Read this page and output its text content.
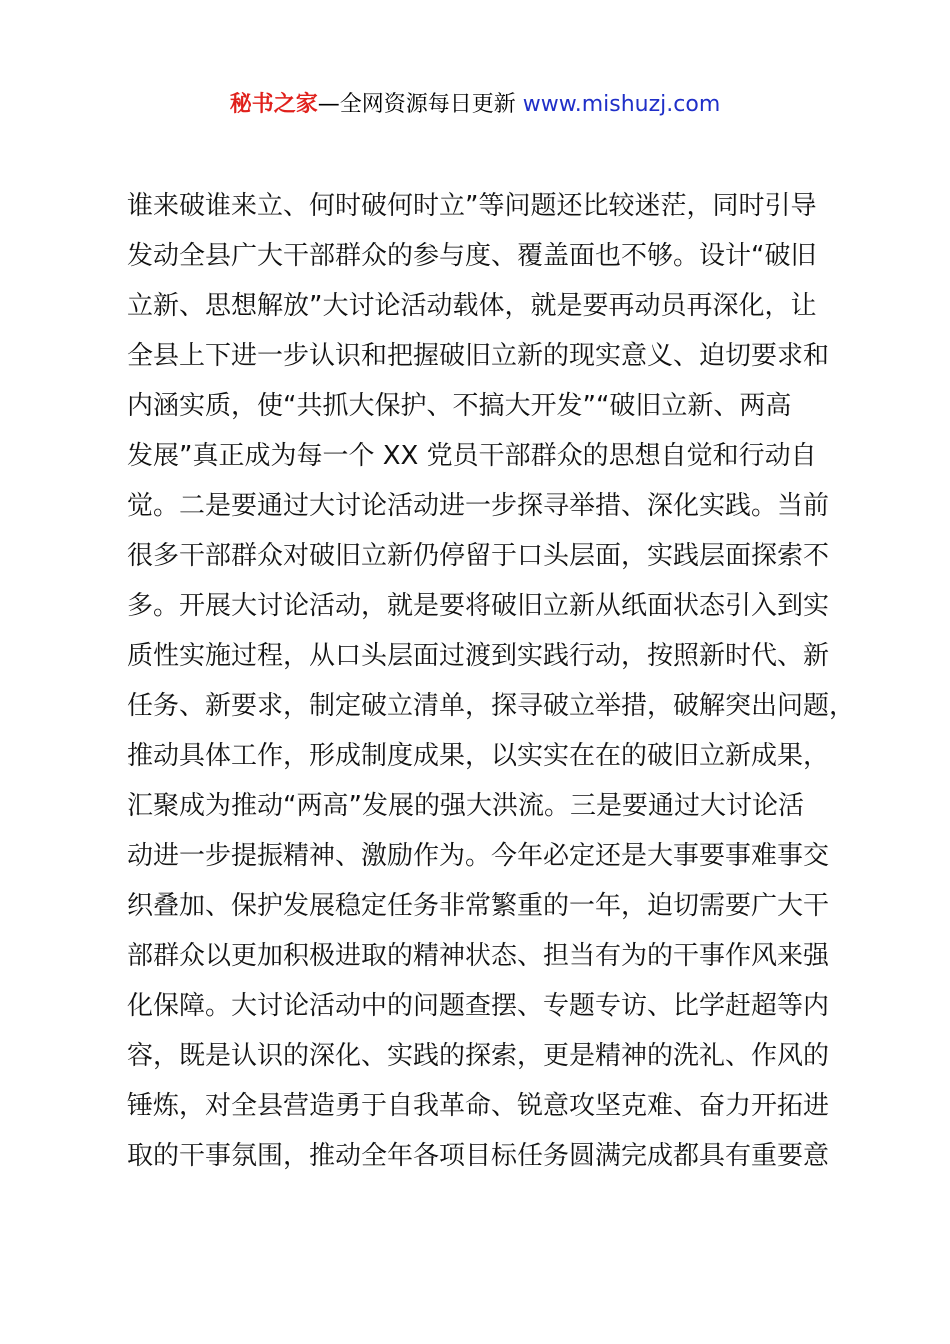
秘书之家—全网资源每日更新 www.mishuzj.com
谁来破谁来立、何时破何时立”等问题还比较迷茫，同时引导
发动全县广大干部群众的参与度、覆盖面也不够。设计“破旧
立新、思想解放”大讨论活动载体，就是要再动员再深化，让
全县上下进一步认识和把握破旧立新的现实意义、迫切要求和
内涵实质，使“共抓大保护、不搞大开发”“破旧立新、两高
发展”真正成为每一个 XX 党员干部群众的思想自觉和行动自
觉。二是要通过大讨论活动进一步探寻举措、深化实践。当前
很多干部群众对破旧立新仍停留于口头层面，实践层面探索不
多。开展大讨论活动，就是要将破旧立新从纸面状态引入到实
质性实施过程，从口头层面过渡到实践行动，按照新时代、新
任务、新要求，制定破立清单，探寻破立举措，破解突出问题，
推动具体工作，形成制度成果，以实实在在的破旧立新成果，
汇聚成为推动“两高”发展的强大洪流。三是要通过大讨论活
动进一步提振精神、激励作为。今年必定还是大事要事难事交
织叠加、保护发展稳定任务非常繁重的一年，迫切需要广大干
部群众以更加积极进取的精神状态、担当有为的干事作风来强
化保障。大讨论活动中的问题查摆、专题专访、比学赶超等内
容，既是认识的深化、实践的探索，更是精神的洗礼、作风的
锤炼，对全县营造勇于自我革命、锐意攻坚克难、奋力开拓进
取的干事氛围，推动全年各项目标任务圆满完成都具有重要意
